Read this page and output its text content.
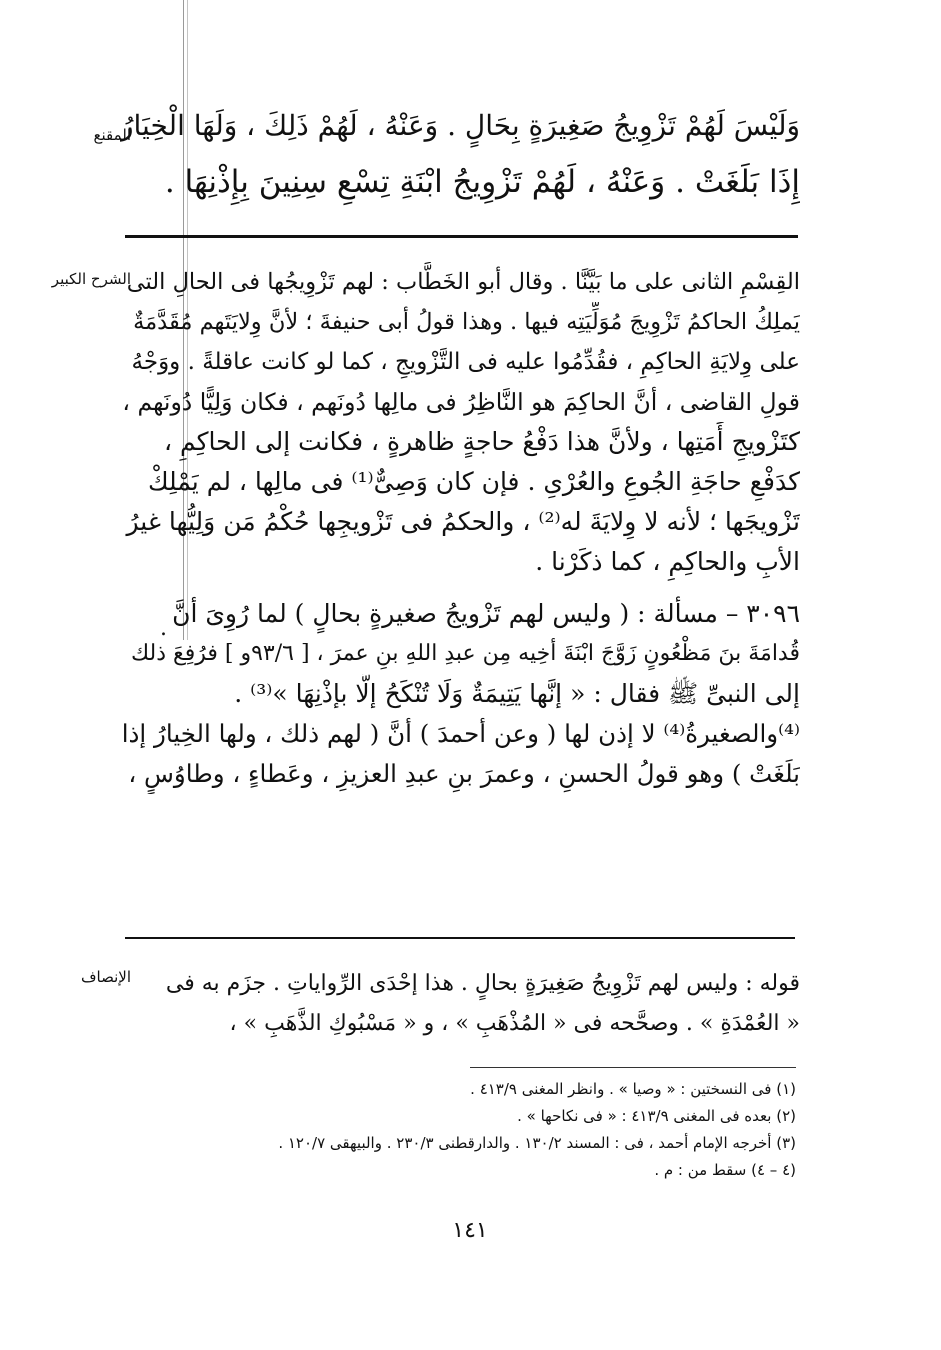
المقنع
وَلَيْسَ لَهُمْ تَزْوِيجُ صَغِيرَةٍ بِحَالٍ . وَعَنْهُ ، لَهُمْ ذَلِكَ ، وَلَهَا الْخِيَارُ
إِذَا بَلَغَتْ . وَعَنْهُ ، لَهُمْ تَزْوِيجُ ابْنَةِ تِسْعِ سِنِينَ بِإِذْنِهَا .
الشرح الكبير
القِسْمِ الثانى على ما بَيَّنَّا . وقال أبو الخَطَّاب : لهم تَزْوِيجُها فى الحالِ التى
يَملِكُ الحاكمُ تَزْوِيجَ مُوَلِّيَتِه فيها . وهذا قولُ أبى حنيفةَ ؛ لأنَّ وِلايَتَهم مُقَدَّمَةٌ
على وِلايَةِ الحاكِمِ ، فقُدِّمُوا عليه فى التَّزْويجِ ، كما لو كانت عاقلةً . ووَجْهُ
قولِ القاضى ، أنَّ الحاكِمَ هو النَّاظِرُ فى مالِها دُونَهم ، فكان وَلِيًّا دُونَهم ،
كتَزْويجِ أَمَتِها ، ولأنَّ هذا دَفْعُ حاجةٍ ظاهرةٍ ، فكانت إلى الحاكِمِ ،
كدَفْعِ حاجَةِ الجُوعِ والعُرْىِ . فإن كان وَصِىٌّ⁽¹⁾ فى مالِها ، لم يَمْلِكْ
تَزْويجَها ؛ لأنه لا وِلايَةَ له⁽²⁾ ، والحكمُ فى تَزْويجِها حُكْمُ مَن وَلِيُّها غيرُ
الأبِ والحاكِمِ ، كما ذكَرْنا .
٣٠٩٦ – مسألة : ( وليس لهم تَزْويجُ صغيرةٍ بحالٍ ) لما رُوِىَ أنَّ
قُدامَةَ بنَ مَظْعُونٍ زَوَّجَ ابْنَةَ أخِيه مِن عبدِ اللهِ بنِ عمرَ ، [ ٩٣/٦و ] فرُفِعَ ذلك
إلى النبىِّ ﷺ فقال : « إنَّها يَتِيمَةٌ وَلَا تُنْكَحُ إلَّا بإذْنِهَا »⁽³⁾ .
⁽⁴⁾والصغيرةُ⁽⁴⁾ لا إذن لها ( وعن أحمدَ ) أنَّ ( لهم ذلك ، ولها الخِيارُ إذا
بَلَغَتْ ) وهو قولُ الحسنِ ، وعمرَ بنِ عبدِ العزيزِ ، وعَطاءٍ ، وطاوُسٍ ،
.
الإنصاف	قوله : وليس لهم تَزْوِيجُ صَغِيرَةٍ بحالٍ . هذا إحْدَى الرِّواياتِ . جزَم به فى
« العُمْدَةِ » . وصحَّحه فى « المُذْهَبِ » ، و « مَسْبُوكِ الذَّهَبِ » ،
(١) فى النسختين : « وصيا » . وانظر المغنى ٤١٣/٩ .
(٢) بعده فى المغنى ٤١٣/٩ : « فى نكاحها » .
(٣) أخرجه الإمام أحمد ، فى : المسند ١٣٠/٢ . والدارقطنى ٢٣٠/٣ . والبيهقى ١٢٠/٧ .
(٤ – ٤) سقط من : م .
١٤١
